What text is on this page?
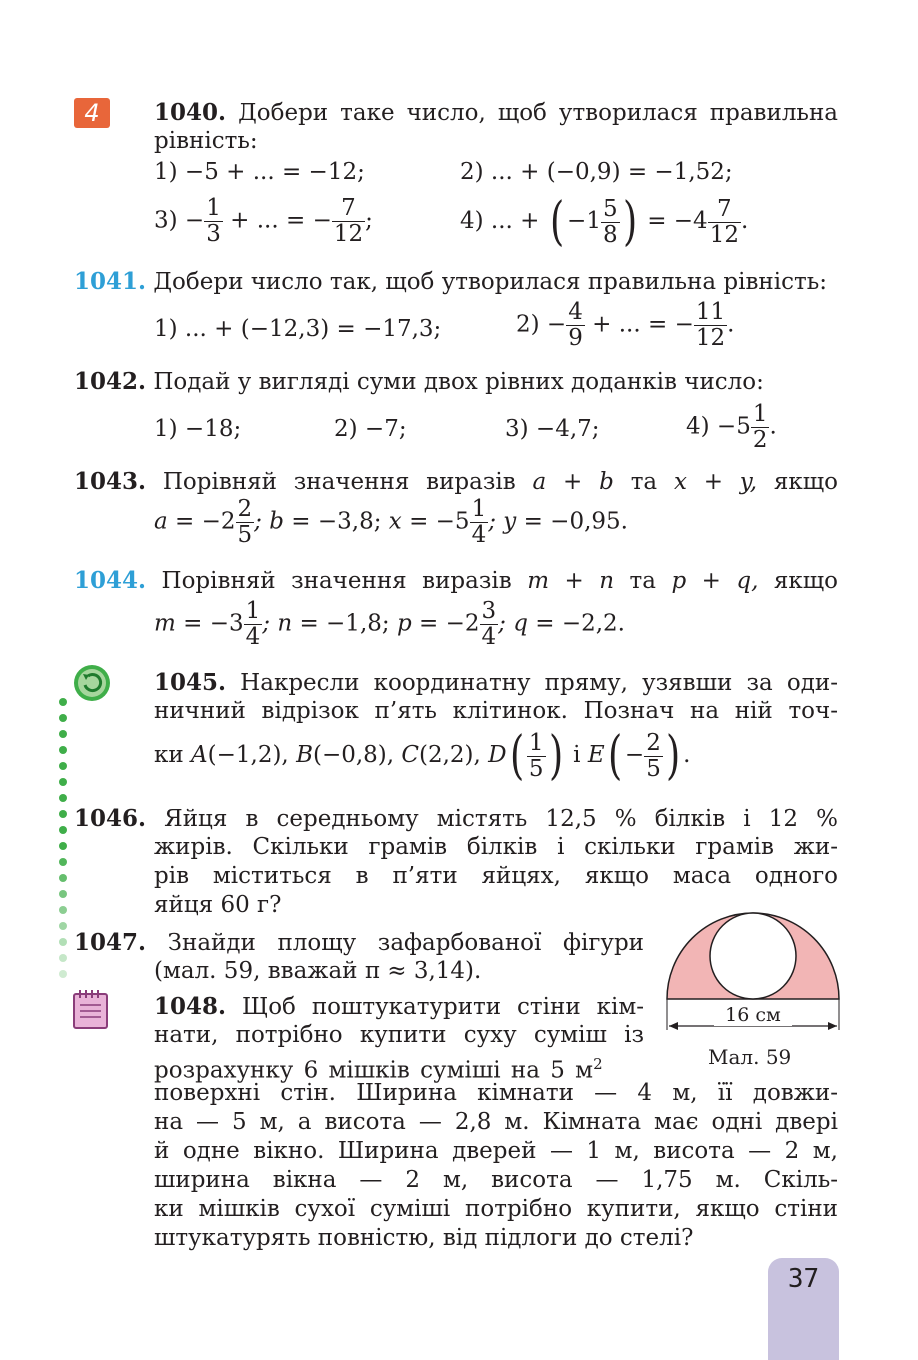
4	1040. Добери таке число, щоб утворилася правильна
рівність:
1) −5 + ... = −12;	2) ... + (−0,9) = −1,52;
$3) - \frac{1}{3}$ + ... = − $\frac{7}{12}$ ;	4) ... + ( $-1 \frac{5}{8}$ ) = $-4 \frac{7}{12}$ .
1041. Добери число так, щоб утворилася правильна рівність:
1) ... + (−12,3) = −17,3;	$2) - \frac{4}{9}$ + ... = − $\frac{11}{12}$ .
1042. Подай у вигляді суми двох рівних доданків число:
1) −18;	2) −7;	3) −4,7;	$4) -5 \frac{1}{2}$ .
1043. Порівняй значення виразів a + b та x + y, якщо
$a = -2 \frac{2}{5}$ ; b = −3,8; $x = -5 \frac{1}{4}$ ; y = −0,95.
1044. Порівняй значення виразів m + n та p + q, якщо
$m = -3 \frac{1}{4}$ ; n = −1,8; $p = -2 \frac{3}{4}$ ; q = −2,2.
1045. Накресли координатну пряму, узявши за оди-
ничний відрізок п’ять клітинок. Познач на ній точ-
ки A(−1,2), B(−0,8), C(2,2), $D( \frac{1}{5}$ ) і $E( - \frac{2}{5}$ ) .
1046. Яйця в середньому містять 12,5 % білків і 12 %
жирів. Скільки грамів білків і скільки грамів жи-
рів міститься в п’яти яйцях, якщо маса одного
яйця 60 г?
1047. Знайди площу зафарбованої фігури
(мал. 59, вважай π ≈ 3,14).
16 см
Мал. 59
1048. Щоб поштукатурити стіни кім-
нати, потрібно купити суху суміш із
розрахунку 6 мішків суміші на 5 $м^2$
поверхні стін. Ширина кімнати — 4 м, її довжи-
на — 5 м, а висота — 2,8 м. Кімната має одні двері
й одне вікно. Ширина дверей — 1 м, висота — 2 м,
ширина вікна — 2 м, висота — 1,75 м. Скіль-
ки мішків сухої суміші потрібно купити, якщо стіни
штукатурять повністю, від підлоги до стелі?
37
